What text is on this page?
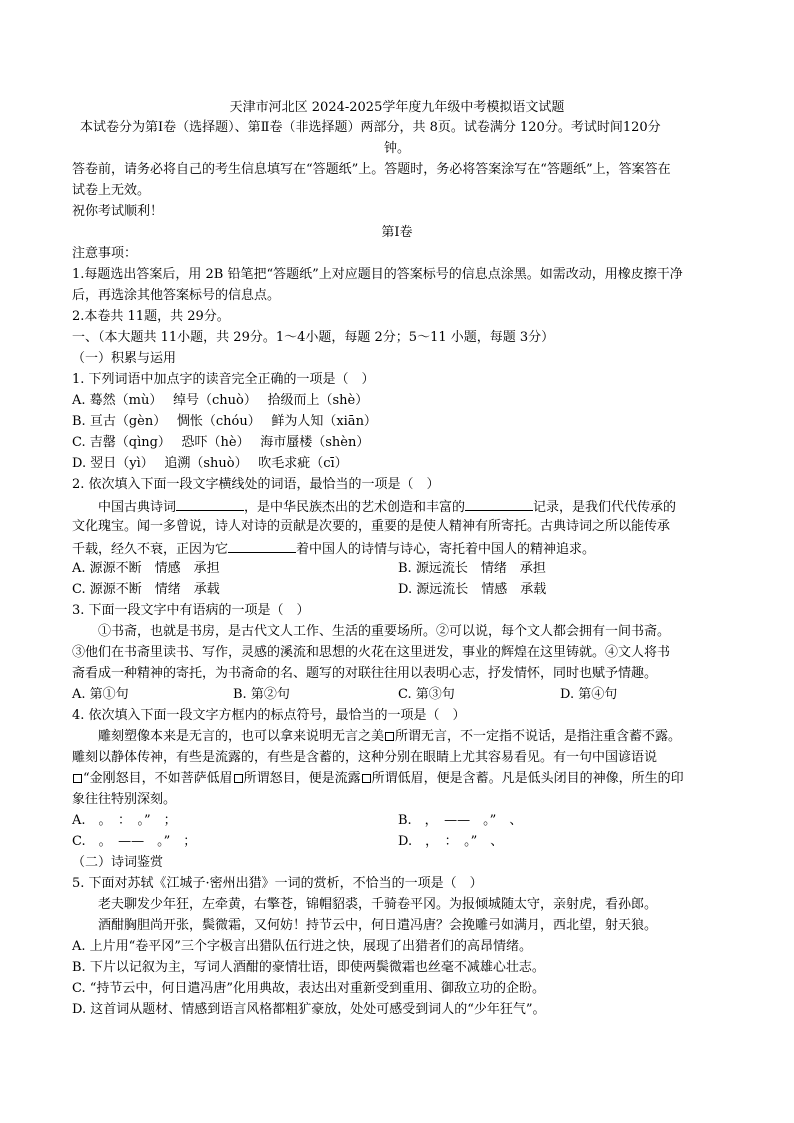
天津市河北区 2024-2025学年度九年级中考模拟语文试题
本试卷分为第Ⅰ卷（选择题）、第Ⅱ卷（非选择题）两部分，共 8页。试卷满分 120分。考试时间120分
钟。
答卷前，请务必将自己的考生信息填写在“答题纸”上。答题时，务必将答案涂写在“答题纸”上，答案答在
试卷上无效。
祝你考试顺利！
第Ⅰ卷
注意事项：
1.每题选出答案后，用 2B 铅笔把“答题纸”上对应题目的答案标号的信息点涂黑。如需改动，用橡皮擦干净
后，再选涂其他答案标号的信息点。
2.本卷共 11题，共 29分。
一、（本大题共 11小题，共 29分。1～4小题，每题 2分；5～11 小题，每题 3分）
（一）积累与运用
1. 下列词语中加点字的读音完全正确的一项是（　）
A. 蓦然（mù）　 绰号（chuò）　 拾级而上（shè）
B. 亘古（gèn）　 惆怅（chóu）　 鲜为人知（xiān）
C. 吉罄（qìng）　 恐吓（hè）　 海市蜃楼（shèn）
D. 翌日（yì）　 追溯（shuò）　 吹毛求疵（cī）
2. 依次填入下面一段文字横线处的词语，最恰当的一项是（　）
中国古典诗词	，是中华民族杰出的艺术创造和丰富的	记录，是我们代代传承的
文化瑰宝。闻一多曾说，诗人对诗的贡献是次要的，重要的是使人精神有所寄托。古典诗词之所以能传承
千载，经久不衰，正因为它	着中国人的诗情与诗心，寄托着中国人的精神追求。
A. 源源不断　情感　承担	B. 源远流长　情绪　承担
C. 源源不断　情绪　承载	D. 源远流长　情感　承载
3. 下面一段文字中有语病的一项是（　）
①书斋，也就是书房，是古代文人工作、生活的重要场所。②可以说，每个文人都会拥有一间书斋。
③他们在书斋里读书、写作，灵感的溪流和思想的火花在这里迸发，事业的辉煌在这里铸就。④文人将书
斋看成一种精神的寄托，为书斋命的名、题写的对联往往用以表明心志，抒发情怀，同时也赋予情趣。
A. 第①句	B. 第②句	C. 第③句	D. 第④句
4. 依次填入下面一段文字方框内的标点符号，最恰当的一项是（　）
雕刻塑像本来是无言的，也可以拿来说明无言之美 所谓无言，不一定指不说话，是指注重含蓄不露。
雕刻以静体传神，有些是流露的，有些是含蓄的，这种分别在眼睛上尤其容易看见。有一句中国谚语说
“金刚怒目，不如菩萨低眉 所谓怒目，便是流露 所谓低眉，便是含蓄。凡是低头闭目的神像，所生的印
象往往特别深刻。
A.　。　：　。”　；	B.　，　——　。”　、
C.　。　——　。”　；	D.　，　：　。”　、
（二）诗词鉴赏
5. 下面对苏轼《江城子·密州出猎》一词的赏析，不恰当的一项是（　）
老夫聊发少年狂，左牵黄，右擎苍，锦帽貂裘，千骑卷平冈。为报倾城随太守，亲射虎，看孙郎。
酒酣胸胆尚开张，鬓微霜，又何妨！持节云中，何日遣冯唐？会挽雕弓如满月，西北望，射天狼。
A. 上片用“卷平冈”三个字极言出猎队伍行进之快，展现了出猎者们的高昂情绪。
B. 下片以记叙为主，写词人酒酣的豪情壮语，即使两鬓微霜也丝毫不减雄心壮志。
C. “持节云中，何日遣冯唐”化用典故，表达出对重新受到重用、御敌立功的企盼。
D. 这首词从题材、情感到语言风格都粗犷豪放，处处可感受到词人的“少年狂气”。
